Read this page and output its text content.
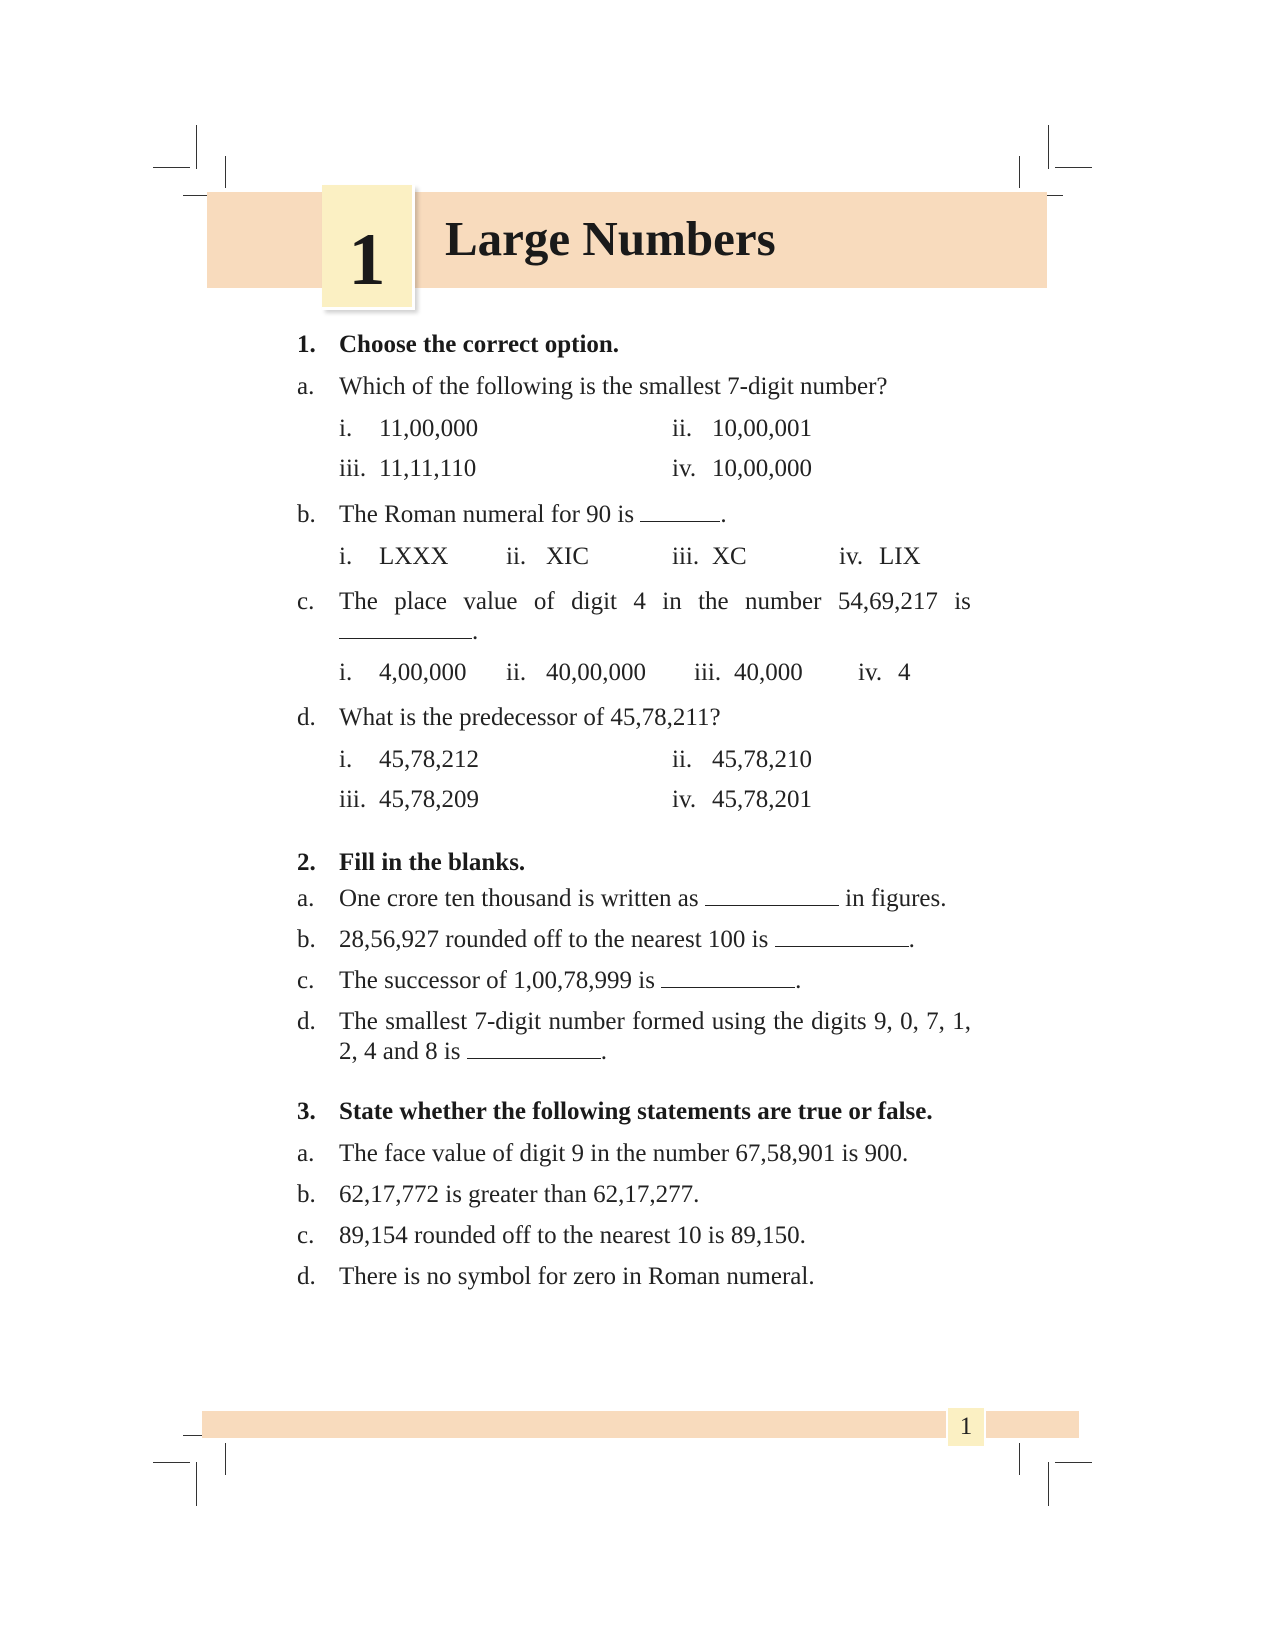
1	Large Numbers
1. Choose the correct option.
a. Which of the following is the smallest 7-digit number?
i. 11,00,000	ii. 10,00,001
iii. 11,11,110	iv. 10,00,000
b. The Roman numeral for 90 is	.
i. LXXX ii. XIC	iii. XC	iv. LIX
c. The place value of digit 4 in the number 54,69,217 is
.
i. 4,00,000 ii. 40,00,000 iii. 40,000 iv. 4
d. What is the predecessor of 45,78,211?
i. 45,78,212	ii. 45,78,210
iii. 45,78,209	iv. 45,78,201
2. Fill in the blanks.
a. One crore ten thousand is written as	in figures.
b. 28,56,927 rounded off to the nearest 100 is	.
c. The successor of 1,00,78,999 is	.
d. The smallest 7-digit number formed using the digits 9, 0, 7, 1,
2, 4 and 8 is	.
3. State whether the following statements are true or false.
a. The face value of digit 9 in the number 67,58,901 is 900.
b. 62,17,772 is greater than 62,17,277.
c. 89,154 rounded off to the nearest 10 is 89,150.
d. There is no symbol for zero in Roman numeral.
1
